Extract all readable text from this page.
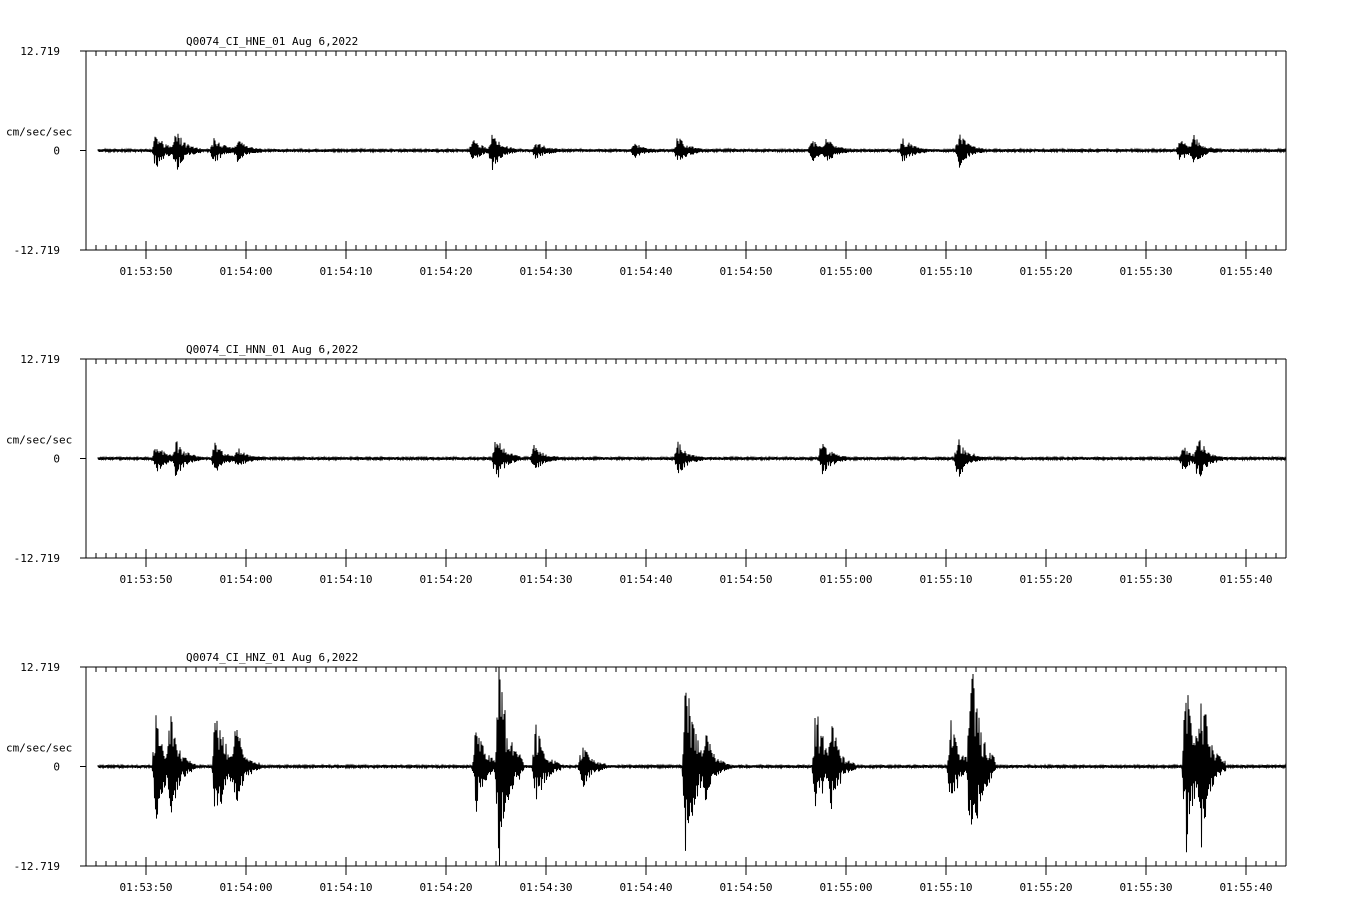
12.719
0
-12.719
cm/sec/sec
Q0074_CI_HNE_01 Aug 6,2022
01:53:50	01:54:00	01:54:10	01:54:20	01:54:30	01:54:40	01:54:50	01:55:00	01:55:10	01:55:20	01:55:30	01:55:40
12.719
0
-12.719
cm/sec/sec
Q0074_CI_HNN_01 Aug 6,2022
01:53:50	01:54:00	01:54:10	01:54:20	01:54:30	01:54:40	01:54:50	01:55:00	01:55:10	01:55:20	01:55:30	01:55:40
12.719
0
-12.719
cm/sec/sec
Q0074_CI_HNZ_01 Aug 6,2022
01:53:50	01:54:00	01:54:10	01:54:20	01:54:30	01:54:40	01:54:50	01:55:00	01:55:10	01:55:20	01:55:30	01:55:40
